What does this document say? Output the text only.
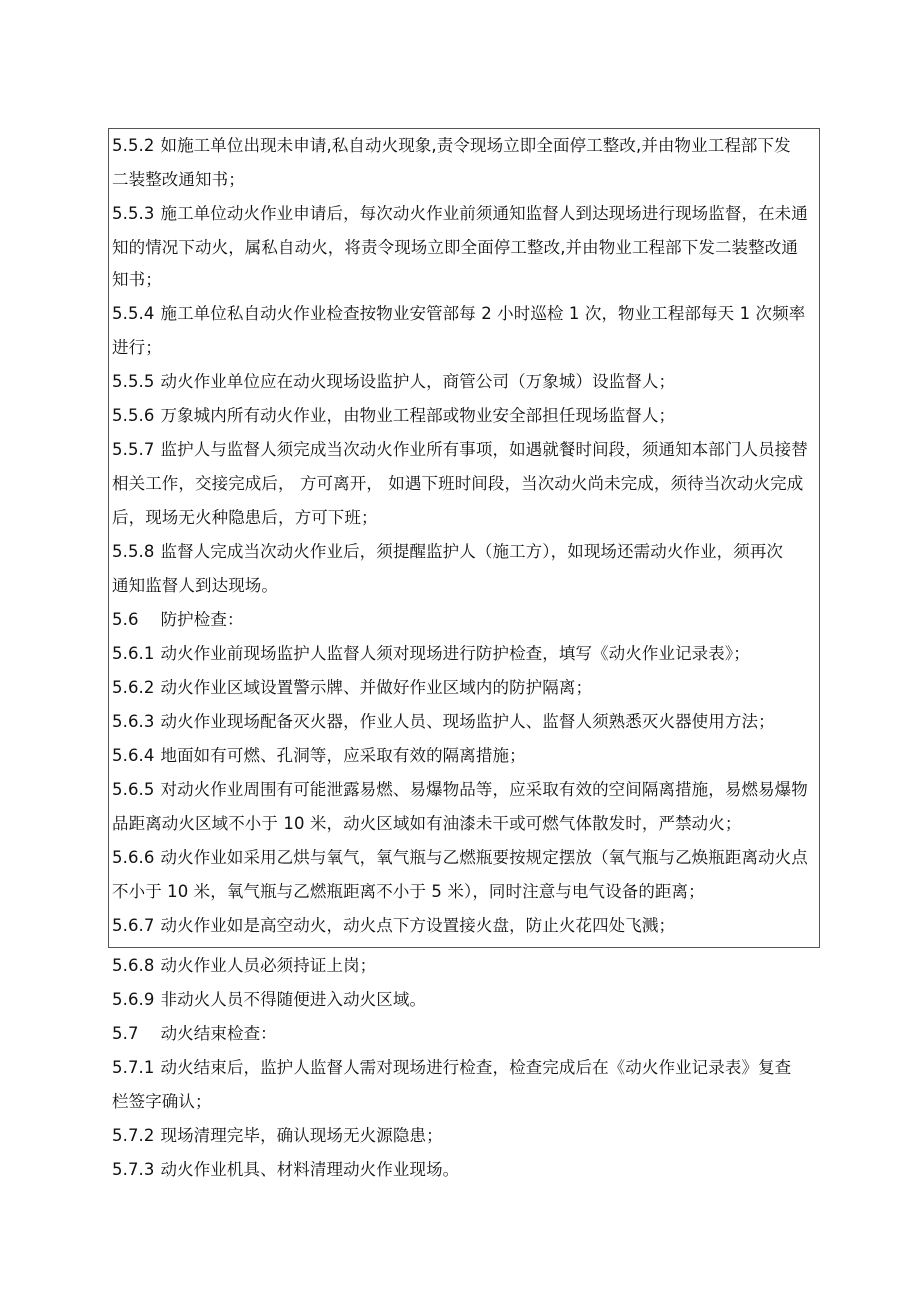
5.5.2 如施工单位出现未申请,私自动火现象,责令现场立即全面停工整改,并由物业工程部下发
二装整改通知书；
5.5.3 施工单位动火作业申请后，每次动火作业前须通知监督人到达现场进行现场监督，在未通
知的情况下动火，属私自动火，将责令现场立即全面停工整改,并由物业工程部下发二装整改通
知书；
5.5.4 施工单位私自动火作业检查按物业安管部每 2 小时巡检 1 次，物业工程部每天 1 次频率
进行；
5.5.5 动火作业单位应在动火现场设监护人，商管公司（万象城）设监督人；
5.5.6 万象城内所有动火作业，由物业工程部或物业安全部担任现场监督人；
5.5.7 监护人与监督人须完成当次动火作业所有事项，如遇就餐时间段，须通知本部门人员接替
相关工作，交接完成后， 方可离开， 如遇下班时间段，当次动火尚未完成，须待当次动火完成
后，现场无火种隐患后，方可下班；
5.5.8 监督人完成当次动火作业后，须提醒监护人（施工方），如现场还需动火作业，须再次
通知监督人到达现场。
5.6   防护检查：
5.6.1 动火作业前现场监护人监督人须对现场进行防护检查，填写《动火作业记录表》；
5.6.2 动火作业区域设置警示牌、并做好作业区域内的防护隔离；
5.6.3 动火作业现场配备灭火器，作业人员、现场监护人、监督人须熟悉灭火器使用方法；
5.6.4 地面如有可燃、孔洞等，应采取有效的隔离措施；
5.6.5 对动火作业周围有可能泄露易燃、易爆物品等，应采取有效的空间隔离措施，易燃易爆物
品距离动火区域不小于 10 米，动火区域如有油漆未干或可燃气体散发时，严禁动火；
5.6.6 动火作业如采用乙烘与氧气，氧气瓶与乙燃瓶要按规定摆放（氧气瓶与乙焕瓶距离动火点
不小于 10 米，氧气瓶与乙燃瓶距离不小于 5 米），同时注意与电气设备的距离；
5.6.7 动火作业如是高空动火，动火点下方设置接火盘，防止火花四处飞溅；
5.6.8 动火作业人员必须持证上岗；
5.6.9 非动火人员不得随便进入动火区域。
5.7   动火结束检查：
5.7.1 动火结束后，监护人监督人需对现场进行检查，检查完成后在《动火作业记录表》复查
栏签字确认；
5.7.2 现场清理完毕，确认现场无火源隐患；
5.7.3 动火作业机具、材料清理动火作业现场。
